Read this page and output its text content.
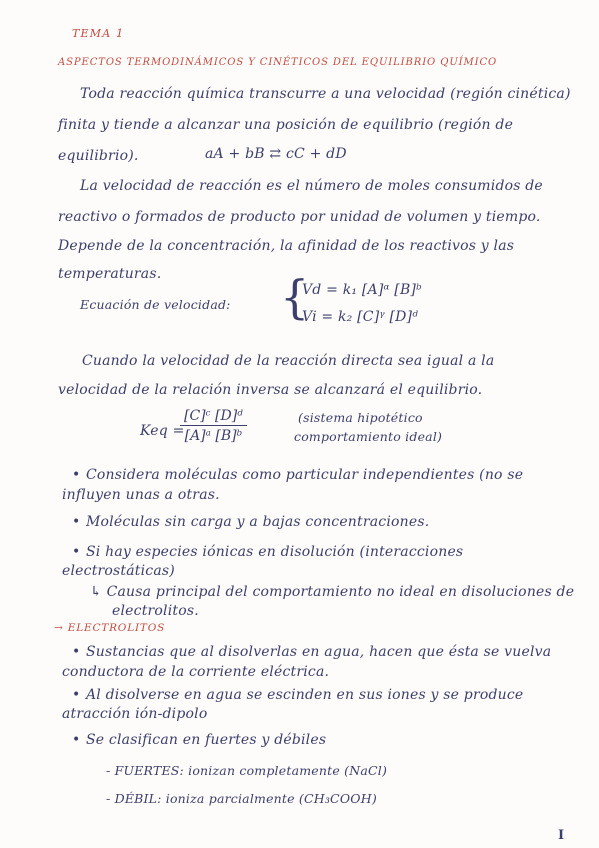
TEMA 1
ASPECTOS TERMODINÁMICOS Y CINÉTICOS DEL EQUILIBRIO QUÍMICO
Toda reacción química transcurre a una velocidad (región cinética)
finita y tiende a alcanzar una posición de equilibrio (región de
equilibrio).	aA + bB ⇄ cC + dD
La velocidad de reacción es el número de moles consumidos de
reactivo o formados de producto por unidad de volumen y tiempo.
Depende de la concentración, la afinidad de los reactivos y las
temperaturas.
Ecuación de velocidad: {
Vd = k₁ [A]ᵅ [B]ᵇ
Vi = k₂ [C]ᵞ [D]ᵈ
Cuando la velocidad de la reacción directa sea igual a la
velocidad de la relación inversa se alcanzará el equilibrio.
Keq =
$\frac{\text{[C]ᶜ [D]ᵈ}}{\text{[A]ᵃ [B]ᵇ}}$	(sistema hipotético
comportamiento ideal)
• Considera moléculas como particular independientes (no se
influyen unas a otras.
• Moléculas sin carga y a bajas concentraciones.
• Si hay especies iónicas en disolución (interacciones
electrostáticas)
↳ Causa principal del comportamiento no ideal en disoluciones de
electrolitos.
→ ELECTROLITOS
• Sustancias que al disolverlas en agua, hacen que ésta se vuelva
conductora de la corriente eléctrica.
• Al disolverse en agua se escinden en sus iones y se produce
atracción ión-dipolo
• Se clasifican en fuertes y débiles
- FUERTES: ionizan completamente (NaCl)
- DÉBIL: ioniza parcialmente (CH₃COOH)
I
